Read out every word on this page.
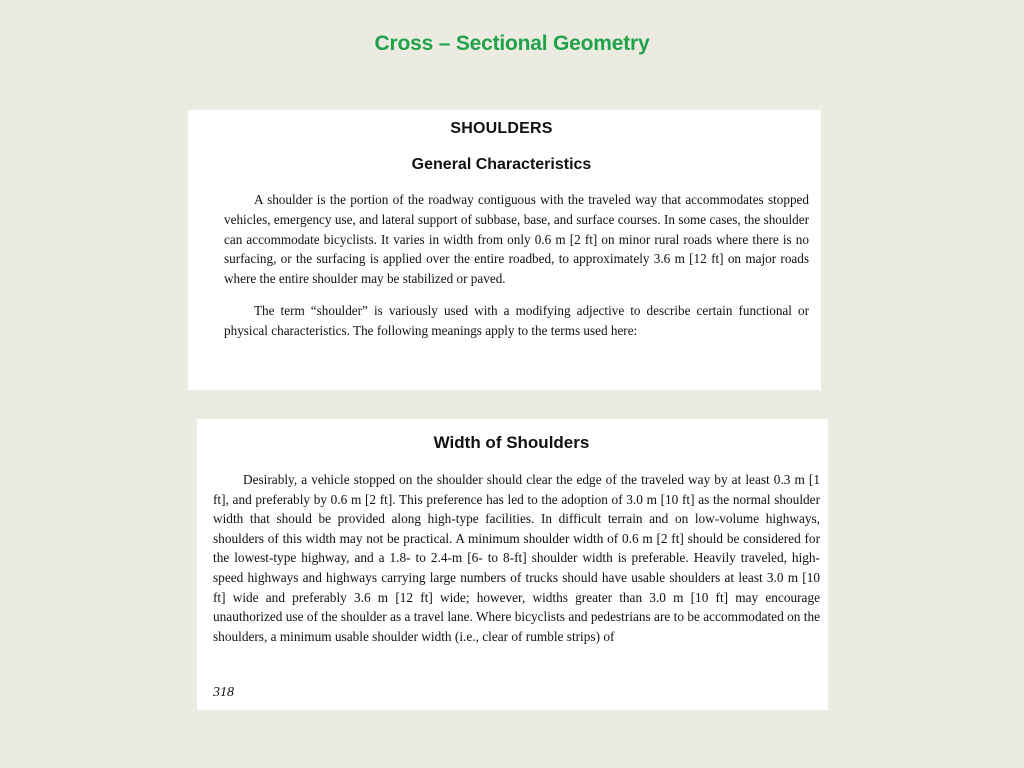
Cross – Sectional Geometry
SHOULDERS
General Characteristics

A shoulder is the portion of the roadway contiguous with the traveled way that accommodates stopped vehicles, emergency use, and lateral support of subbase, base, and surface courses. In some cases, the shoulder can accommodate bicyclists. It varies in width from only 0.6 m [2 ft] on minor rural roads where there is no surfacing, or the surfacing is applied over the entire roadbed, to approximately 3.6 m [12 ft] on major roads where the entire shoulder may be stabilized or paved.

The term “shoulder” is variously used with a modifying adjective to describe certain functional or physical characteristics. The following meanings apply to the terms used here:

Width of Shoulders

Desirably, a vehicle stopped on the shoulder should clear the edge of the traveled way by at least 0.3 m [1 ft], and preferably by 0.6 m [2 ft]. This preference has led to the adoption of 3.0 m [10 ft] as the normal shoulder width that should be provided along high-type facilities. In difficult terrain and on low-volume highways, shoulders of this width may not be practical. A minimum shoulder width of 0.6 m [2 ft] should be considered for the lowest-type highway, and a 1.8- to 2.4-m [6- to 8-ft] shoulder width is preferable. Heavily traveled, high-speed highways and highways carrying large numbers of trucks should have usable shoulders at least 3.0 m [10 ft] wide and preferably 3.6 m [12 ft] wide; however, widths greater than 3.0 m [10 ft] may encourage unauthorized use of the shoulder as a travel lane. Where bicyclists and pedestrians are to be accommodated on the shoulders, a minimum usable shoulder width (i.e., clear of rumble strips) of

318
